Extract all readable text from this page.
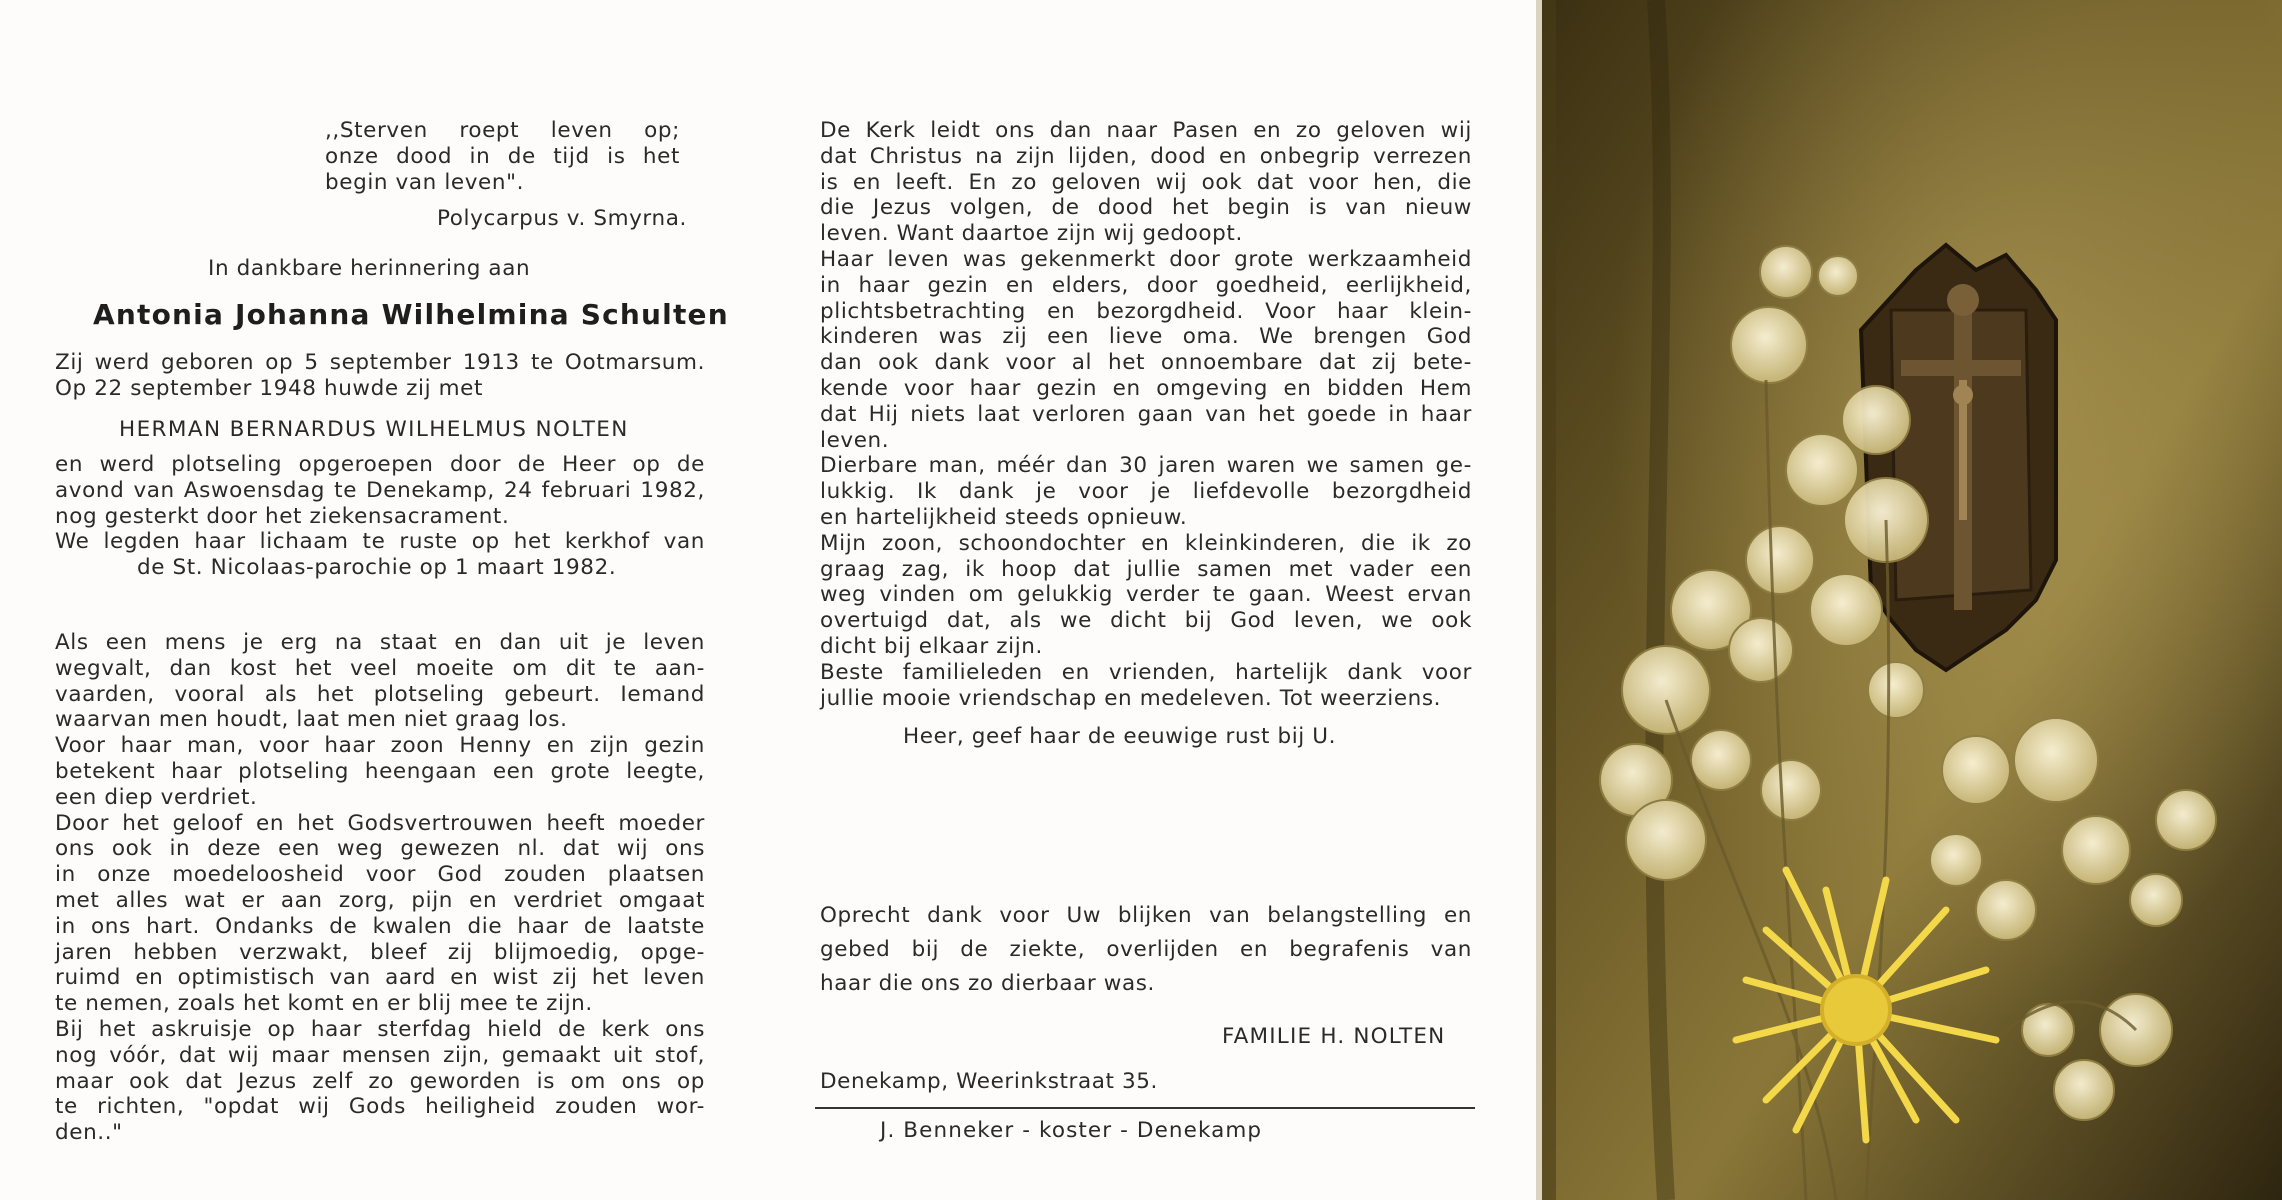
,,Sterven roept leven op;
onze dood in de tijd is het
begin van leven".
Polycarpus v. Smyrna.
In dankbare herinnering aan
Antonia Johanna Wilhelmina Schulten
Zij werd geboren op 5 september 1913 te Ootmarsum.
Op 22 september 1948 huwde zij met
HERMAN BERNARDUS WILHELMUS NOLTEN
en werd plotseling opgeroepen door de Heer op de
avond van Aswoensdag te Denekamp, 24 februari 1982,
nog gesterkt door het ziekensacrament.
We legden haar lichaam te ruste op het kerkhof van
de St. Nicolaas-parochie op 1 maart 1982.
Als een mens je erg na staat en dan uit je leven
wegvalt, dan kost het veel moeite om dit te aan-
vaarden, vooral als het plotseling gebeurt. Iemand
waarvan men houdt, laat men niet graag los.
Voor haar man, voor haar zoon Henny en zijn gezin
betekent haar plotseling heengaan een grote leegte,
een diep verdriet.
Door het geloof en het Godsvertrouwen heeft moeder
ons ook in deze een weg gewezen nl. dat wij ons
in onze moedeloosheid voor God zouden plaatsen
met alles wat er aan zorg, pijn en verdriet omgaat
in ons hart. Ondanks de kwalen die haar de laatste
jaren hebben verzwakt, bleef zij blijmoedig, opge-
ruimd en optimistisch van aard en wist zij het leven
te nemen, zoals het komt en er blij mee te zijn.
Bij het askruisje op haar sterfdag hield de kerk ons
nog vóór, dat wij maar mensen zijn, gemaakt uit stof,
maar ook dat Jezus zelf zo geworden is om ons op
te richten, "opdat wij Gods heiligheid zouden wor-
den.."
De Kerk leidt ons dan naar Pasen en zo geloven wij
dat Christus na zijn lijden, dood en onbegrip verrezen
is en leeft. En zo geloven wij ook dat voor hen, die
die Jezus volgen, de dood het begin is van nieuw
leven. Want daartoe zijn wij gedoopt.
Haar leven was gekenmerkt door grote werkzaamheid
in haar gezin en elders, door goedheid, eerlijkheid,
plichtsbetrachting en bezorgdheid. Voor haar klein-
kinderen was zij een lieve oma. We brengen God
dan ook dank voor al het onnoembare dat zij bete-
kende voor haar gezin en omgeving en bidden Hem
dat Hij niets laat verloren gaan van het goede in haar
leven.
Dierbare man, méér dan 30 jaren waren we samen ge-
lukkig. Ik dank je voor je liefdevolle bezorgdheid
en hartelijkheid steeds opnieuw.
Mijn zoon, schoondochter en kleinkinderen, die ik zo
graag zag, ik hoop dat jullie samen met vader een
weg vinden om gelukkig verder te gaan. Weest ervan
overtuigd dat, als we dicht bij God leven, we ook
dicht bij elkaar zijn.
Beste familieleden en vrienden, hartelijk dank voor
jullie mooie vriendschap en medeleven. Tot weerziens.
Heer, geef haar de eeuwige rust bij U.
Oprecht dank voor Uw blijken van belangstelling en
gebed bij de ziekte, overlijden en begrafenis van
haar die ons zo dierbaar was.
FAMILIE H. NOLTEN
Denekamp, Weerinkstraat 35.
J. Benneker - koster - Denekamp
